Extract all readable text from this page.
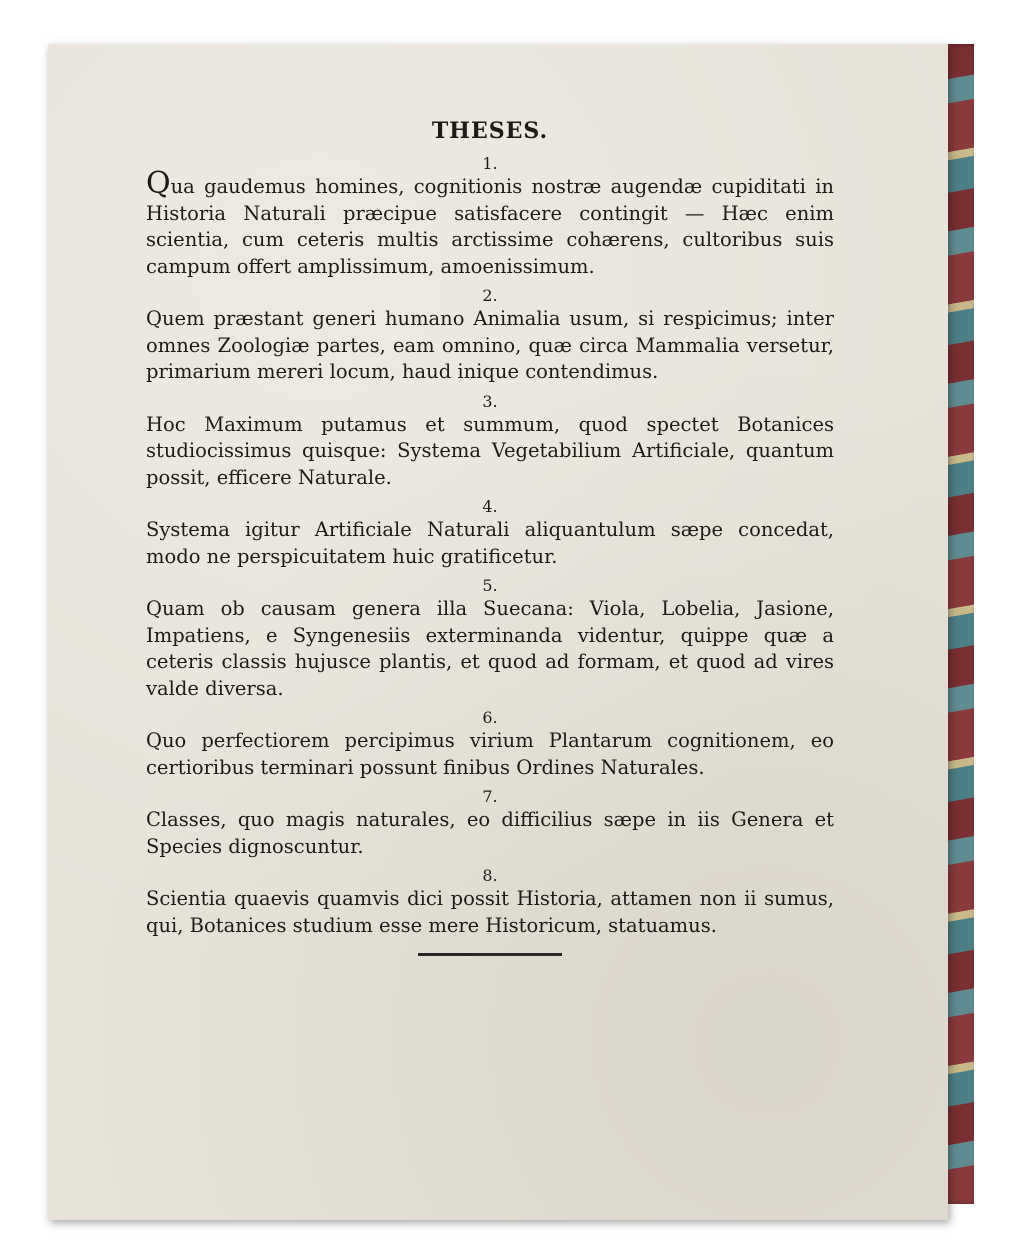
THESES.
1.

Qua gaudemus homines, cognitionis nostræ augendæ cupiditati in Historia Naturali præcipue satisfacere contingit — Hæc enim scientia, cum ceteris multis arctissime cohærens, cultoribus suis campum offert amplissimum, amoenissimum.

2.

Quem præstant generi humano Animalia usum, si respicimus; inter omnes Zoologiæ partes, eam omnino, quæ circa Mammalia versetur, primarium mereri locum, haud inique contendimus.

3.

Hoc Maximum putamus et summum, quod spectet Botanices studiocissimus quisque: Systema Vegetabilium Artificiale, quantum possit, efficere Naturale.

4.

Systema igitur Artificiale Naturali aliquantulum sæpe concedat, modo ne perspicuitatem huic gratificetur.

5.

Quam ob causam genera illa Suecana: Viola, Lobelia, Jasione, Impatiens, e Syngenesiis exterminanda videntur, quippe quæ a ceteris classis hujusce plantis, et quod ad formam, et quod ad vires valde diversa.

6.

Quo perfectiorem percipimus virium Plantarum cognitionem, eo certioribus terminari possunt finibus Ordines Naturales.

7.

Classes, quo magis naturales, eo difficilius sæpe in iis Genera et Species dignoscuntur.

8.

Scientia quaevis quamvis dici possit Historia, attamen non ii sumus, qui, Botanices studium esse mere Historicum, statuamus.
